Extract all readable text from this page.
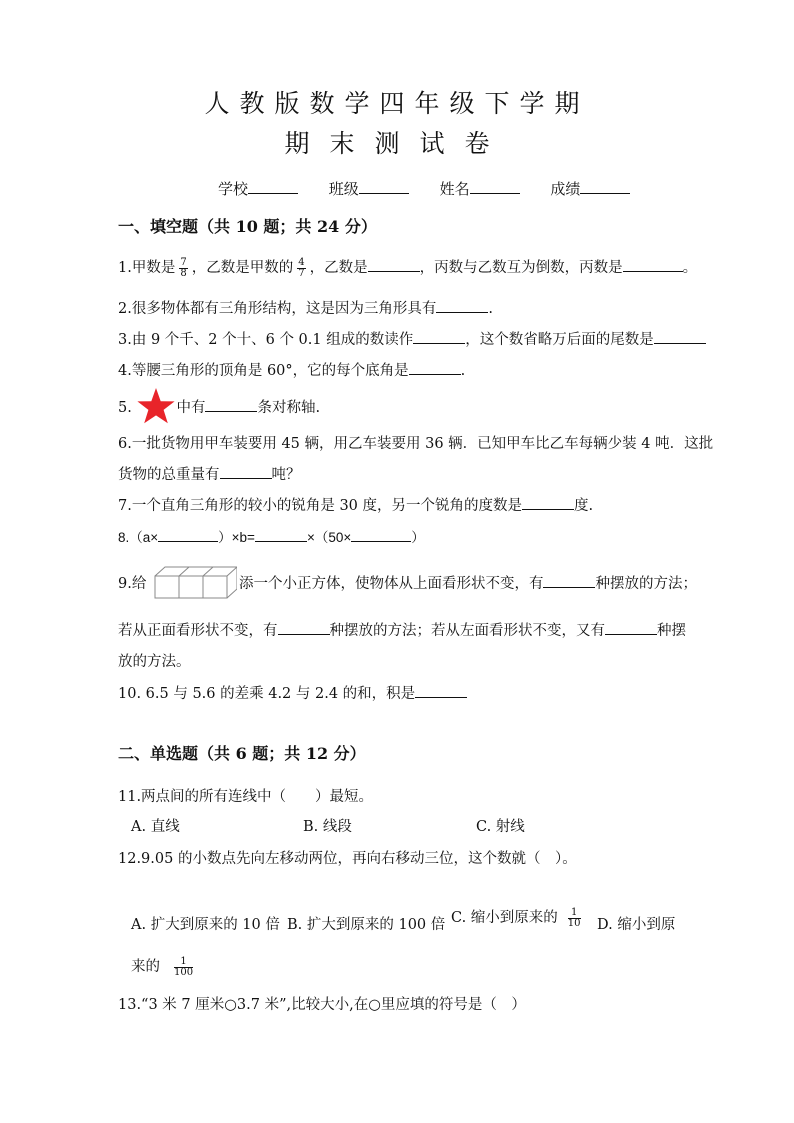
人教版数学四年级下学期
期末测试卷
学校	班级	姓名	成绩
一、填空题（共 10 题；共 24 分）
1.甲数是 $\frac{7}{8}$ ，乙数是甲数的 $\frac{4}{7}$ ，乙数是	，丙数与乙数互为倒数，丙数是	。
2.很多物体都有三角形结构，这是因为三角形具有	.
3.由 9 个千、2 个十、6 个 0.1 组成的数读作	，这个数省略万后面的尾数是
4.等腰三角形的顶角是 60°，它的每个底角是	.
5.	中有	条对称轴.
6.一批货物用甲车装要用 45 辆，用乙车装要用 36 辆．已知甲车比乙车每辆少装 4 吨．这批
货物的总重量有	吨？
7.一个直角三角形的较小的锐角是 30 度，另一个锐角的度数是	度.
8.（a×	）×b=	×（50×	）
9.给	添一个小正方体，使物体从上面看形状不变，有	种摆放的方法；
若从正面看形状不变，有	种摆放的方法；若从左面看形状不变，又有	种摆
放的方法。
10. 6.5 与 5.6 的差乘 4.2 与 2.4 的和，积是
二、单选题（共 6 题；共 12 分）
11.两点间的所有连线中（　　）最短。
A. 直线	B. 线段	C. 射线
12.9.05 的小数点先向左移动两位，再向右移动三位，这个数就（　）。
A. 扩大到原来的 10 倍 B. 扩大到原来的 100 倍 C. 缩小到原来的 $\frac{1}{10} D$. 缩小到原
来的 $\frac{1}{100}$
13.“3 米 7 厘米○3.7 米”,比较大小,在○里应填的符号是（　）
